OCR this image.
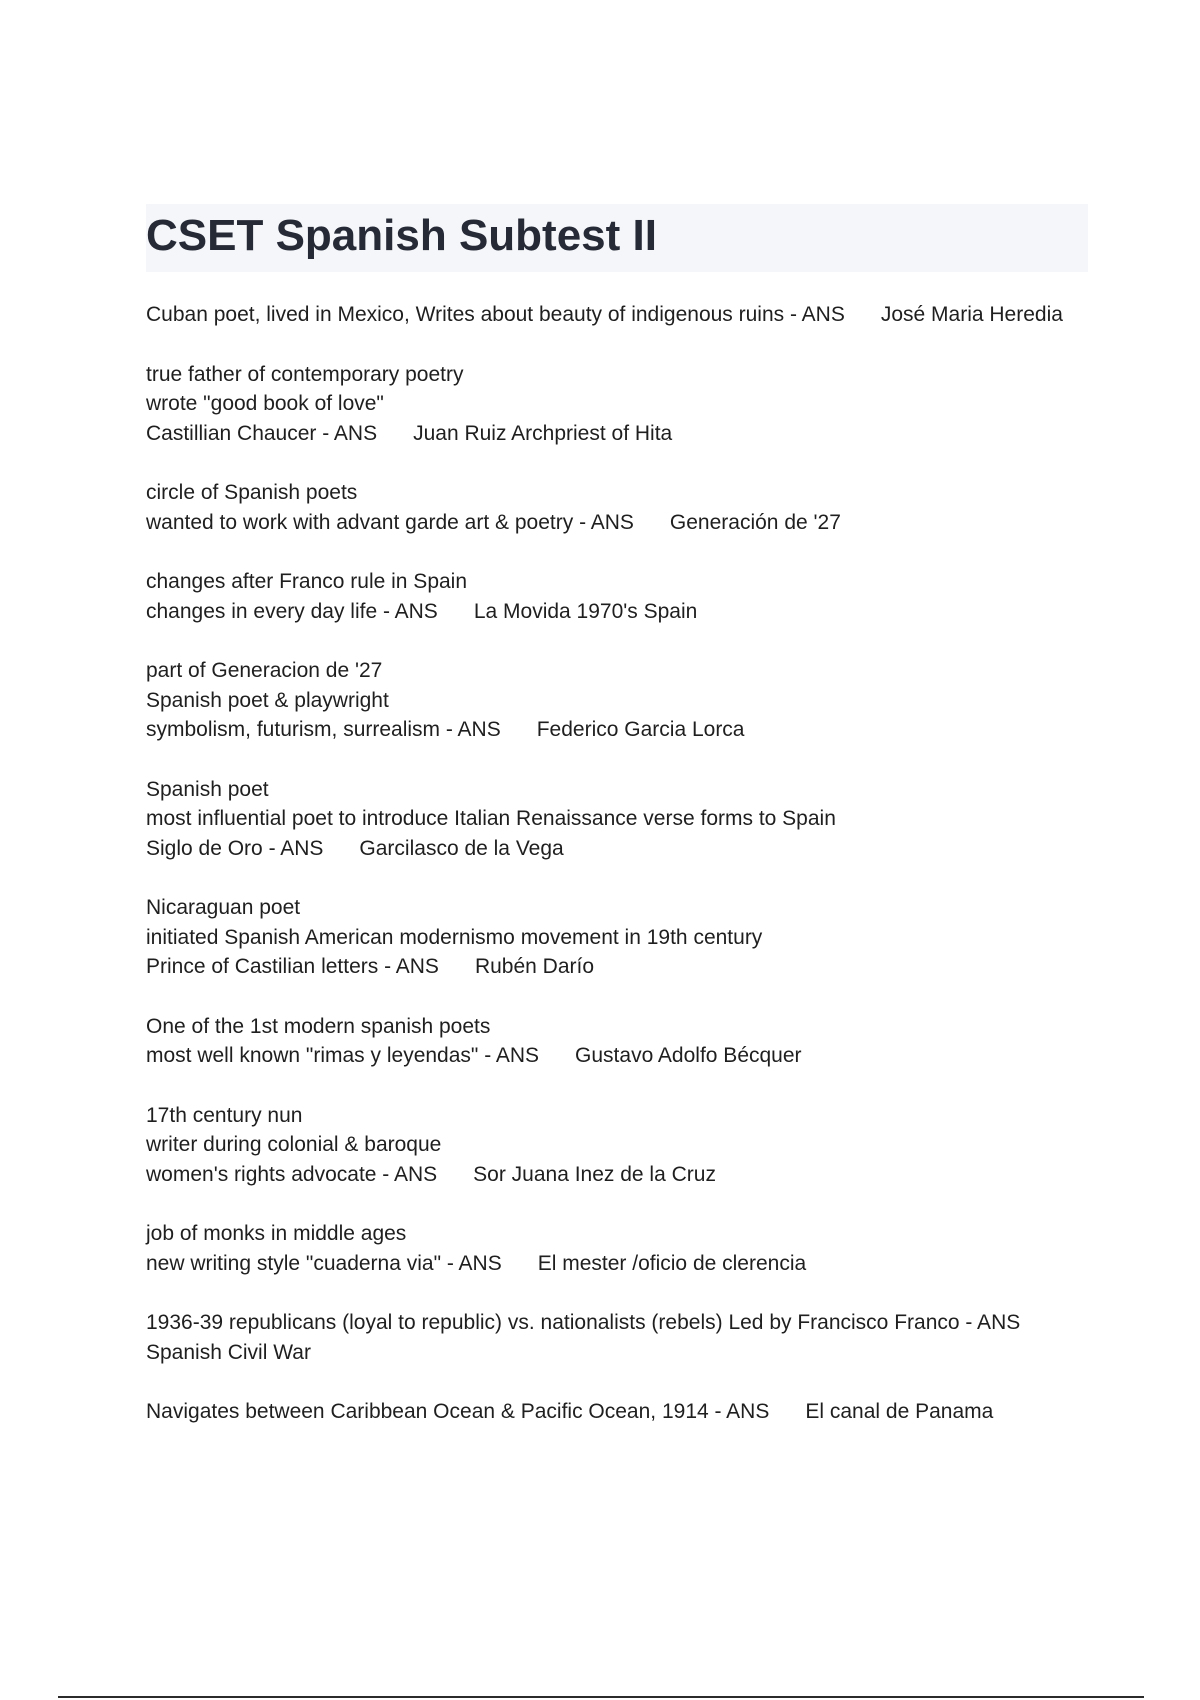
CSET Spanish Subtest II
Cuban poet, lived in Mexico, Writes about beauty of indigenous ruins - ANS José Maria Heredia
true father of contemporary poetry
wrote "good book of love"
Castillian Chaucer - ANS Juan Ruiz Archpriest of Hita
circle of Spanish poets
wanted to work with advant garde art & poetry - ANS Generación de '27
changes after Franco rule in Spain
changes in every day life - ANS La Movida 1970's Spain
part of Generacion de '27
Spanish poet & playwright
symbolism, futurism, surrealism - ANS Federico Garcia Lorca
Spanish poet
most influential poet to introduce Italian Renaissance verse forms to Spain
Siglo de Oro - ANS Garcilasco de la Vega
Nicaraguan poet
initiated Spanish American modernismo movement in 19th century
Prince of Castilian letters - ANS Rubén Darío
One of the 1st modern spanish poets
most well known "rimas y leyendas" - ANS Gustavo Adolfo Bécquer
17th century nun
writer during colonial & baroque
women's rights advocate - ANS Sor Juana Inez de la Cruz
job of monks in middle ages
new writing style "cuaderna via" - ANS El mester /oficio de clerencia
1936-39 republicans (loyal to republic) vs. nationalists (rebels) Led by Francisco Franco - ANSSpanish Civil War
Navigates between Caribbean Ocean & Pacific Ocean, 1914 - ANS El canal de Panama
